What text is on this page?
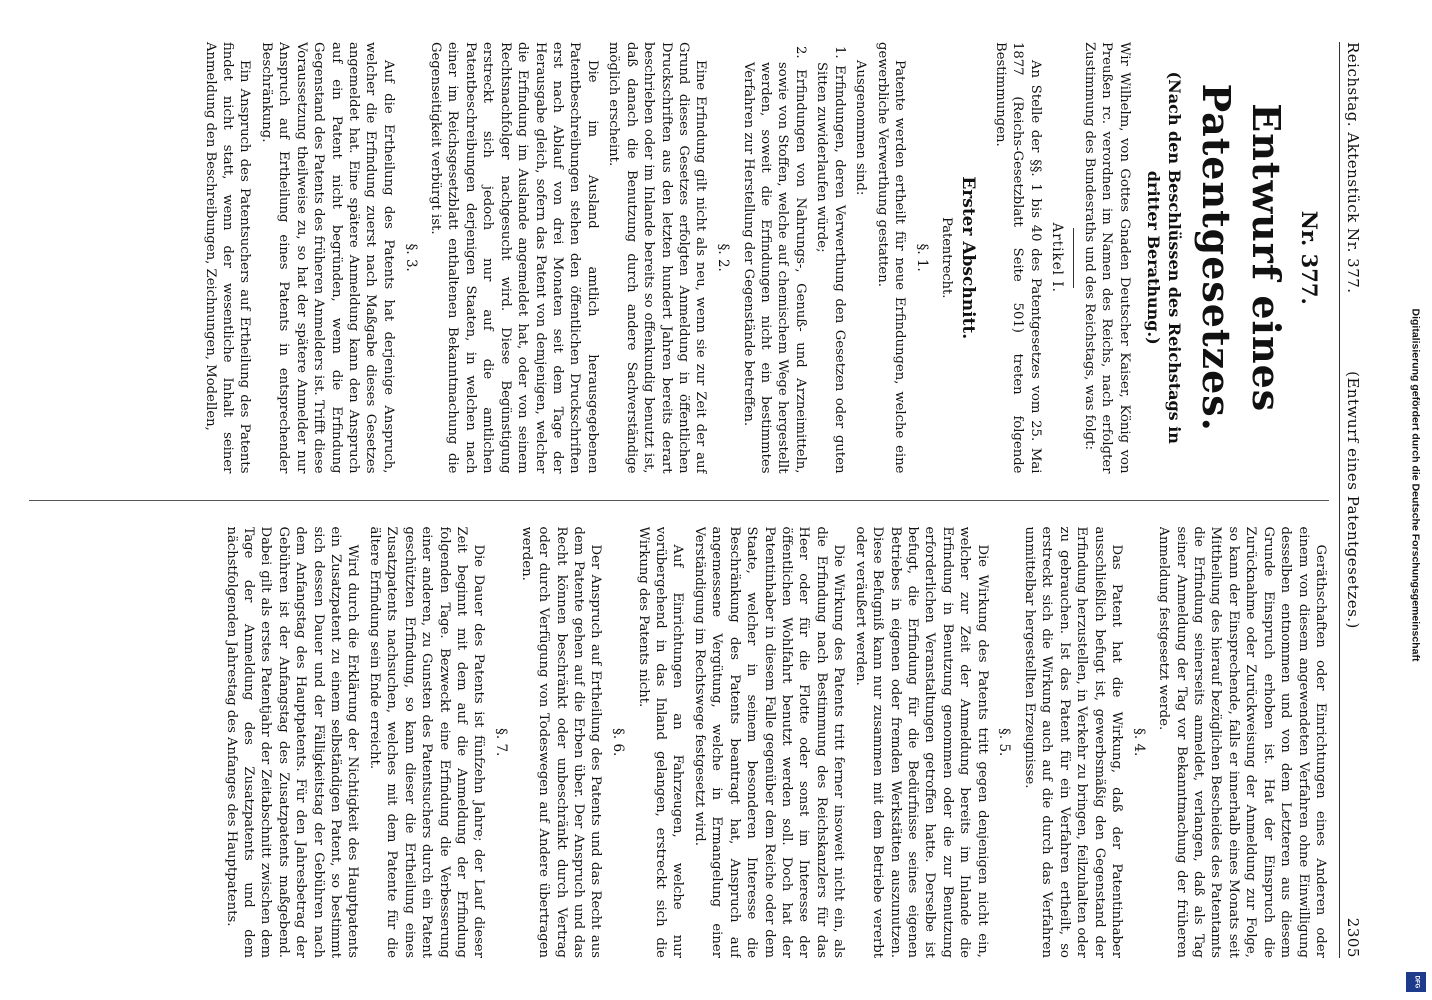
Reichstag. Aktenstück Nr. 377.
(Entwurf eines Patentgesetzes.)
2305
Nr. 377.
Entwurf eines Patentgesetzes.
(Nach den Beschlüssen des Reichstags in dritter Berathung.)

Wir Wilhelm, von Gottes Gnaden Deutscher Kaiser, König von Preußen rc. verordnen im Namen des Reichs, nach erfolgter Zustimmung des Bundesraths und des Reichstags, was folgt:

Artikel I.

An Stelle der §§. 1 bis 40 des Patentgesetzes vom 25. Mai 1877 (Reichs-Gesetzblatt Seite 501) treten folgende Bestimmungen.

Erster Abschnitt.
Patentrecht.
§. 1.

Patente werden ertheilt für neue Erfindungen, welche eine gewerbliche Verwerthung gestatten.

Ausgenommen sind:

1. Erfindungen, deren Verwerthung den Gesetzen oder guten Sitten zuwiderlaufen würde;

2. Erfindungen von Nahrungs-, Genuß- und Arzneimitteln, sowie von Stoffen, welche auf chemischem Wege hergestellt werden, soweit die Erfindungen nicht ein bestimmtes Verfahren zur Herstellung der Gegenstände betreffen.

§. 2.

Eine Erfindung gilt nicht als neu, wenn sie zur Zeit der auf Grund dieses Gesetzes erfolgten Anmeldung in öffentlichen Druckschriften aus den letzten hundert Jahren bereits derart beschrieben oder im Inlande bereits so offenkundig benutzt ist, daß danach die Benutzung durch andere Sachverständige möglich erscheint.

Die im Ausland amtlich herausgegebenen Patentbeschreibungen stehen den öffentlichen Druckschriften erst nach Ablauf von drei Monaten seit dem Tage der Herausgabe gleich, sofern das Patent von demjenigen, welcher die Erfindung im Auslande angemeldet hat, oder von seinem Rechtsnachfolger nachgesucht wird. Diese Begünstigung erstreckt sich jedoch nur auf die amtlichen Patentbeschreibungen derjenigen Staaten, in welchen nach einer im Reichsgesetzblatt enthaltenen Bekanntmachung die Gegenseitigkeit verbürgt ist.

§. 3.

Auf die Ertheilung des Patents hat derjenige Anspruch, welcher die Erfindung zuerst nach Maßgabe dieses Gesetzes angemeldet hat. Eine spätere Anmeldung kann den Anspruch auf ein Patent nicht begründen, wenn die Erfindung Gegenstand des Patents des früheren Anmelders ist. Trifft diese Voraussetzung theilweise zu, so hat der spätere Anmelder nur Anspruch auf Ertheilung eines Patents in entsprechender Beschränkung.

Ein Anspruch des Patentsuchers auf Ertheilung des Patents findet nicht statt, wenn der wesentliche Inhalt seiner Anmeldung den Beschreibungen, Zeichnungen, Modellen,

Geräthschaften oder Einrichtungen eines Anderen oder einem von diesem angewendeten Verfahren ohne Einwilligung desselben entnommen und von dem Letzteren aus diesem Grunde Einspruch erhoben ist. Hat der Einspruch die Zurücknahme oder Zurückweisung der Anmeldung zur Folge, so kann der Einsprechende, falls er innerhalb eines Monats seit Mittheilung des hierauf bezüglichen Bescheides des Patentamts die Erfindung seinerseits anmeldet, verlangen, daß als Tag seiner Anmeldung der Tag vor Bekanntmachung der früheren Anmeldung festgesetzt werde.

§. 4.

Das Patent hat die Wirkung, daß der Patentinhaber ausschließlich befugt ist, gewerbsmäßig den Gegenstand der Erfindung herzustellen, in Verkehr zu bringen, feilzuhalten oder zu gebrauchen. Ist das Patent für ein Verfahren ertheilt, so erstreckt sich die Wirkung auch auf die durch das Verfahren unmittelbar hergestellten Erzeugnisse.

§. 5.

Die Wirkung des Patents tritt gegen denjenigen nicht ein, welcher zur Zeit der Anmeldung bereits im Inlande die Erfindung in Benutzung genommen oder die zur Benutzung erforderlichen Veranstaltungen getroffen hatte. Derselbe ist befugt, die Erfindung für die Bedürfnisse seines eigenen Betriebes in eigenen oder fremden Werkstätten auszunutzen. Diese Befugniß kann nur zusammen mit dem Betriebe vererbt oder veräußert werden.

Die Wirkung des Patents tritt ferner insoweit nicht ein, als die Erfindung nach Bestimmung des Reichskanzlers für das Heer oder für die Flotte oder sonst im Interesse der öffentlichen Wohlfahrt benutzt werden soll. Doch hat der Patentinhaber in diesem Falle gegenüber dem Reiche oder dem Staate, welcher in seinem besonderen Interesse die Beschränkung des Patents beantragt hat, Anspruch auf angemessene Vergütung, welche in Ermangelung einer Verständigung im Rechtswege festgesetzt wird.

Auf Einrichtungen an Fahrzeugen, welche nur vorübergehend in das Inland gelangen, erstreckt sich die Wirkung des Patents nicht.

§. 6.

Der Anspruch auf Ertheilung des Patents und das Recht aus dem Patente gehen auf die Erben über. Der Anspruch und das Recht können beschränkt oder unbeschränkt durch Vertrag oder durch Verfügung von Todeswegen auf Andere übertragen werden.

§. 7.

Die Dauer des Patents ist fünfzehn Jahre; der Lauf dieser Zeit beginnt mit dem auf die Anmeldung der Erfindung folgenden Tage. Bezweckt eine Erfindung die Verbesserung einer anderen, zu Gunsten des Patentsuchers durch ein Patent geschützten Erfindung, so kann dieser die Ertheilung eines Zusatzpatents nachsuchen, welches mit dem Patente für die ältere Erfindung sein Ende erreicht.

Wird durch die Erklärung der Nichtigkeit des Hauptpatents ein Zusatzpatent zu einem selbständigen Patent, so bestimmt sich dessen Dauer und der Fälligkeitstag der Gebühren nach dem Anfangstag des Hauptpatents. Für den Jahresbetrag der Gebühren ist der Anfangstag des Zusatzpatents maßgebend. Dabei gilt als erstes Patentjahr der Zeitabschnitt zwischen dem Tage der Anmeldung des Zusatzpatents und dem nächstfolgenden Jahrestag des Anfanges des Hauptpatents.

Digitalisierung gefördert durch die Deutsche Forschungsgemeinschaft
DFG
